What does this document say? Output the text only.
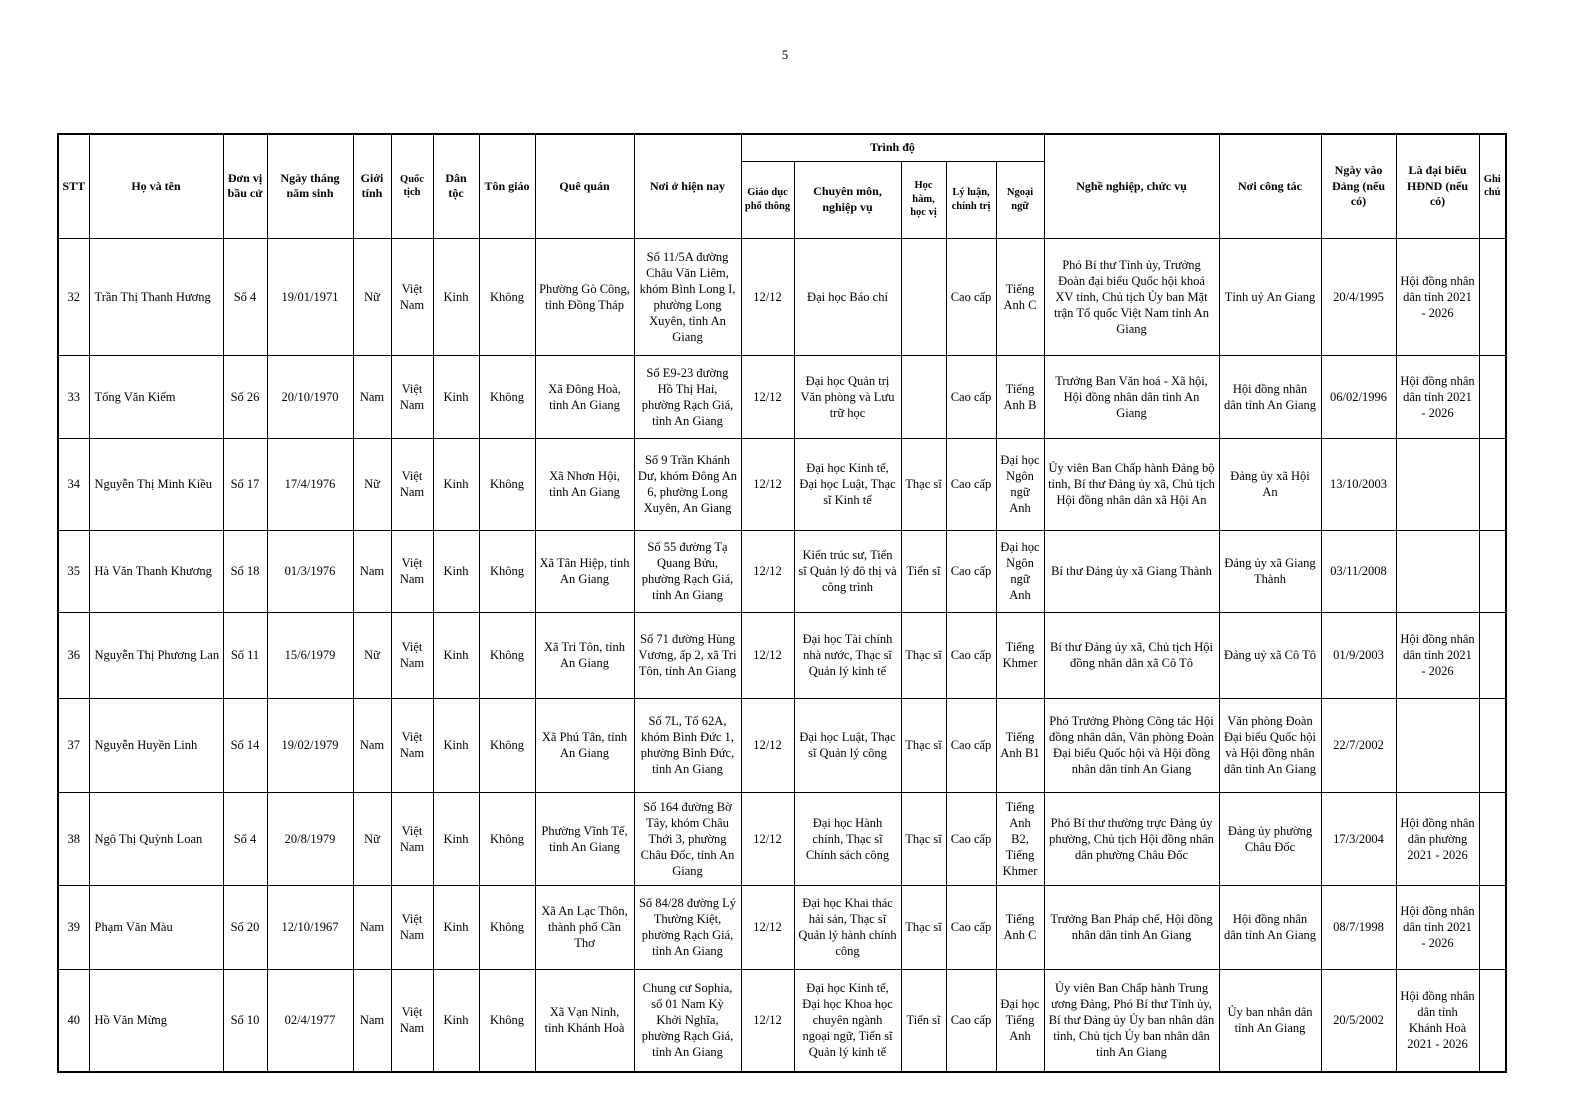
5
STT	Họ và tên	Đơn vị bầu cử	Ngày tháng năm sinh	Giới tính	Quốc tịch	Dân tộc	Tôn giáo	Quê quán	Nơi ở hiện nay	Trình độ					Nghề nghiệp, chức vụ	Nơi công tác	Ngày vào Đảng (nếu có)	Là đại biểu HĐND (nếu có)	Ghi chú
										Giáo dục phổ thông	Chuyên môn, nghiệp vụ	Học hàm, học vị	Lý luận, chính trị	Ngoại ngữ					
32	Trần Thị Thanh Hương	Số 4	19/01/1971	Nữ	Việt Nam	Kinh	Không	Phường Gò Công, tỉnh Đồng Tháp	Số 11/5A đường Châu Văn Liêm, khóm Bình Long I, phường Long Xuyên, tỉnh An Giang	12/12	Đại học Báo chí		Cao cấp	Tiếng Anh C	Phó Bí thư Tỉnh ủy, Trưởng Đoàn đại biểu Quốc hội khoá XV tỉnh, Chủ tịch Ủy ban Mặt trận Tổ quốc Việt Nam tỉnh An Giang	Tỉnh uỷ An Giang	20/4/1995	Hội đồng nhân dân tỉnh 2021 - 2026	
33	Tống Văn Kiếm	Số 26	20/10/1970	Nam	Việt Nam	Kinh	Không	Xã Đông Hoà, tỉnh An Giang	Số E9-23 đường Hồ Thị Hai, phường Rạch Giá, tỉnh An Giang	12/12	Đại học Quản trị Văn phòng và Lưu trữ học		Cao cấp	Tiếng Anh B	Trưởng Ban Văn hoá - Xã hội, Hội đồng nhân dân tỉnh An Giang	Hội đồng nhân dân tỉnh An Giang	06/02/1996	Hội đồng nhân dân tỉnh 2021 - 2026	
34	Nguyễn Thị Minh Kiều	Số 17	17/4/1976	Nữ	Việt Nam	Kinh	Không	Xã Nhơn Hội, tỉnh An Giang	Số 9 Trần Khánh Dư, khóm Đông An 6, phường Long Xuyên, An Giang	12/12	Đại học Kinh tế, Đại học Luật, Thạc sĩ Kinh tế	Thạc sĩ	Cao cấp	Đại học Ngôn ngữ Anh	Ủy viên Ban Chấp hành Đảng bộ tỉnh, Bí thư Đảng ủy xã, Chủ tịch Hội đồng nhân dân xã Hội An	Đảng ủy xã Hội An	13/10/2003		
35	Hà Văn Thanh Khương	Số 18	01/3/1976	Nam	Việt Nam	Kinh	Không	Xã Tân Hiệp, tỉnh An Giang	Số 55 đường Tạ Quang Bửu, phường Rạch Giá, tỉnh An Giang	12/12	Kiến trúc sư, Tiến sĩ Quản lý đô thị và công trình	Tiến sĩ	Cao cấp	Đại học Ngôn ngữ Anh	Bí thư Đảng ủy xã Giang Thành	Đảng ủy xã Giang Thành	03/11/2008		
36	Nguyễn Thị Phương Lan	Số 11	15/6/1979	Nữ	Việt Nam	Kinh	Không	Xã Tri Tôn, tỉnh An Giang	Số 71 đường Hùng Vương, ấp 2, xã Tri Tôn, tỉnh An Giang	12/12	Đại học Tài chính nhà nước, Thạc sĩ Quản lý kinh tế	Thạc sĩ	Cao cấp	Tiếng Khmer	Bí thư Đảng ủy xã, Chủ tịch Hội đồng nhân dân xã Cô Tô	Đảng uỷ xã Cô Tô	01/9/2003	Hội đồng nhân dân tỉnh 2021 - 2026	
37	Nguyễn Huyền Linh	Số 14	19/02/1979	Nam	Việt Nam	Kinh	Không	Xã Phú Tân, tỉnh An Giang	Số 7L, Tổ 62A, khóm Bình Đức 1, phường Bình Đức, tỉnh An Giang	12/12	Đại học Luật, Thạc sĩ Quản lý công	Thạc sĩ	Cao cấp	Tiếng Anh B1	Phó Trưởng Phòng Công tác Hội đồng nhân dân, Văn phòng Đoàn Đại biểu Quốc hội và Hội đồng nhân dân tỉnh An Giang	Văn phòng Đoàn Đại biểu Quốc hội và Hội đồng nhân dân tỉnh An Giang	22/7/2002		
38	Ngô Thị Quỳnh Loan	Số 4	20/8/1979	Nữ	Việt Nam	Kinh	Không	Phường Vĩnh Tế, tỉnh An Giang	Số 164 đường Bờ Tây, khóm Châu Thới 3, phường Châu Đốc, tỉnh An Giang	12/12	Đại học Hành chính, Thạc sĩ Chính sách công	Thạc sĩ	Cao cấp	Tiếng Anh B2, Tiếng Khmer	Phó Bí thư thường trực Đảng ủy phường, Chủ tịch Hội đồng nhân dân phường Châu Đốc	Đảng ủy phường Châu Đốc	17/3/2004	Hội đồng nhân dân phường 2021 - 2026	
39	Phạm Văn Màu	Số 20	12/10/1967	Nam	Việt Nam	Kinh	Không	Xã An Lạc Thôn, thành phố Cần Thơ	Số 84/28 đường Lý Thường Kiệt, phường Rạch Giá, tỉnh An Giang	12/12	Đại học Khai thác hải sản, Thạc sĩ Quản lý hành chính công	Thạc sĩ	Cao cấp	Tiếng Anh C	Trưởng Ban Pháp chế, Hội đồng nhân dân tỉnh An Giang	Hội đồng nhân dân tỉnh An Giang	08/7/1998	Hội đồng nhân dân tỉnh 2021 - 2026	
40	Hồ Văn Mừng	Số 10	02/4/1977	Nam	Việt Nam	Kinh	Không	Xã Vạn Ninh, tỉnh Khánh Hoà	Chung cư Sophia, số 01 Nam Kỳ Khởi Nghĩa, phường Rạch Giá, tỉnh An Giang	12/12	Đại học Kinh tế, Đại học Khoa học chuyên ngành ngoại ngữ, Tiến sĩ Quản lý kinh tế	Tiến sĩ	Cao cấp	Đại học Tiếng Anh	Ủy viên Ban Chấp hành Trung ương Đảng, Phó Bí thư Tỉnh ủy, Bí thư Đảng ủy Ủy ban nhân dân tỉnh, Chủ tịch Ủy ban nhân dân tỉnh An Giang	Ủy ban nhân dân tỉnh An Giang	20/5/2002	Hội đồng nhân dân tỉnh Khánh Hoà 2021 - 2026	
